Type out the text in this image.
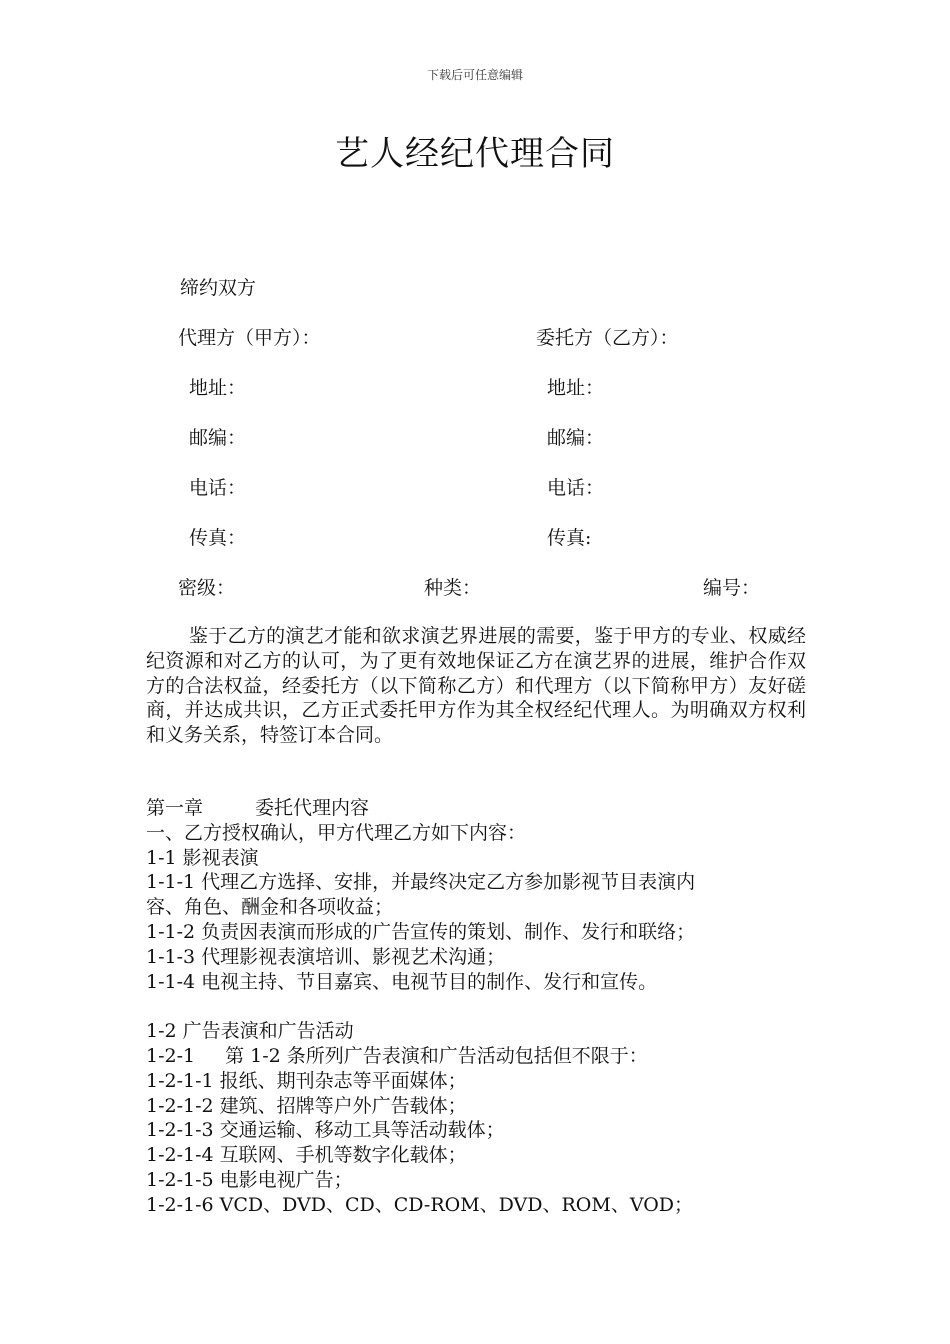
下载后可任意编辑
艺人经纪代理合同
缔约双方
代理方（甲方）：	委托方（乙方）：
地址：	地址：
邮编：	邮编：
电话：	电话：
传真：	传真:
密级：	种类：	编号：
鉴于乙方的演艺才能和欲求演艺界进展的需要，鉴于甲方的专业、权威经纪资源和对乙方的认可，为了更有效地保证乙方在演艺界的进展，维护合作双方的合法权益，经委托方（以下简称乙方）和代理方（以下简称甲方）友好磋商，并达成共识，乙方正式委托甲方作为其全权经纪代理人。为明确双方权利和义务关系，特签订本合同。
第一章	委托代理内容
一、乙方授权确认，甲方代理乙方如下内容：
1-1 影视表演
1-1-1 代理乙方选择、安排，并最终决定乙方参加影视节目表演内
容、角色、酬金和各项收益；
1-1-2 负责因表演而形成的广告宣传的策划、制作、发行和联络；
1-1-3 代理影视表演培训、影视艺术沟通；
1-1-4 电视主持、节目嘉宾、电视节目的制作、发行和宣传。
1-2 广告表演和广告活动
1-2-1 第 1-2 条所列广告表演和广告活动包括但不限于：
1-2-1-1 报纸、期刊杂志等平面媒体；
1-2-1-2 建筑、招牌等户外广告载体；
1-2-1-3 交通运输、移动工具等活动载体；
1-2-1-4 互联网、手机等数字化载体；
1-2-1-5 电影电视广告；
1-2-1-6 VCD、DVD、CD、CD-ROM、DVD、ROM、VOD；
